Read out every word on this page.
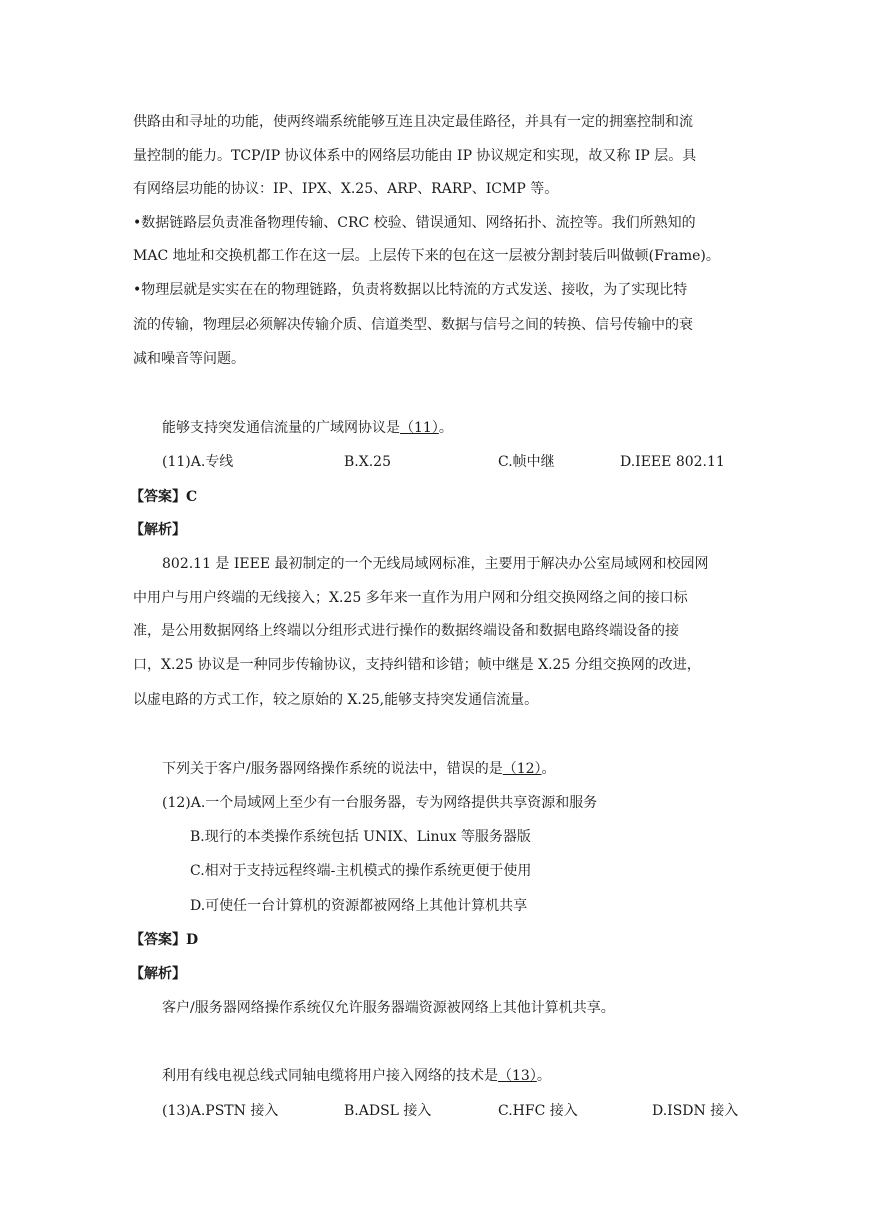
供路由和寻址的功能，使两终端系统能够互连且决定最佳路径，并具有一定的拥塞控制和流
量控制的能力。TCP/IP 协议体系中的网络层功能由 IP 协议规定和实现，故又称 IP 层。具
有网络层功能的协议：IP、IPX、X.25、ARP、RARP、ICMP 等。
•数据链路层负责准备物理传输、CRC 校验、错误通知、网络拓扑、流控等。我们所熟知的
MAC 地址和交换机都工作在这一层。上层传下来的包在这一层被分割封装后叫做顿(Frame)。
•物理层就是实实在在的物理链路，负责将数据以比特流的方式发送、接收，为了实现比特
流的传输，物理层必须解决传输介质、信道类型、数据与信号之间的转换、信号传输中的衰
减和噪音等问题。
能够支持突发通信流量的广域网协议是（11）。
(11)A.专线	B.X.25	C.帧中继	D.IEEE 802.11
【答案】C
【解析】
802.11 是 IEEE 最初制定的一个无线局域网标准，主要用于解决办公室局域网和校园网
中用户与用户终端的无线接入；X.25 多年来一直作为用户网和分组交换网络之间的接口标
准，是公用数据网络上终端以分组形式进行操作的数据终端设备和数据电路终端设备的接
口，X.25 协议是一种同步传输协议，支持纠错和诊错；帧中继是 X.25 分组交换网的改进，
以虚电路的方式工作，较之原始的 X.25,能够支持突发通信流量。
下列关于客户/服务器网络操作系统的说法中，错误的是（12）。
(12)A.一个局域网上至少有一台服务器，专为网络提供共享资源和服务
B.现行的本类操作系统包括 UNIX、Linux 等服务器版
C.相对于支持远程终端-主机模式的操作系统更便于使用
D.可使任一台计算机的资源都被网络上其他计算机共享
【答案】D
【解析】
客户/服务器网络操作系统仅允许服务器端资源被网络上其他计算机共享。
利用有线电视总线式同轴电缆将用户接入网络的技术是（13）。
(13)A.PSTN 接入	B.ADSL 接入	C.HFC 接入	D.ISDN 接入
